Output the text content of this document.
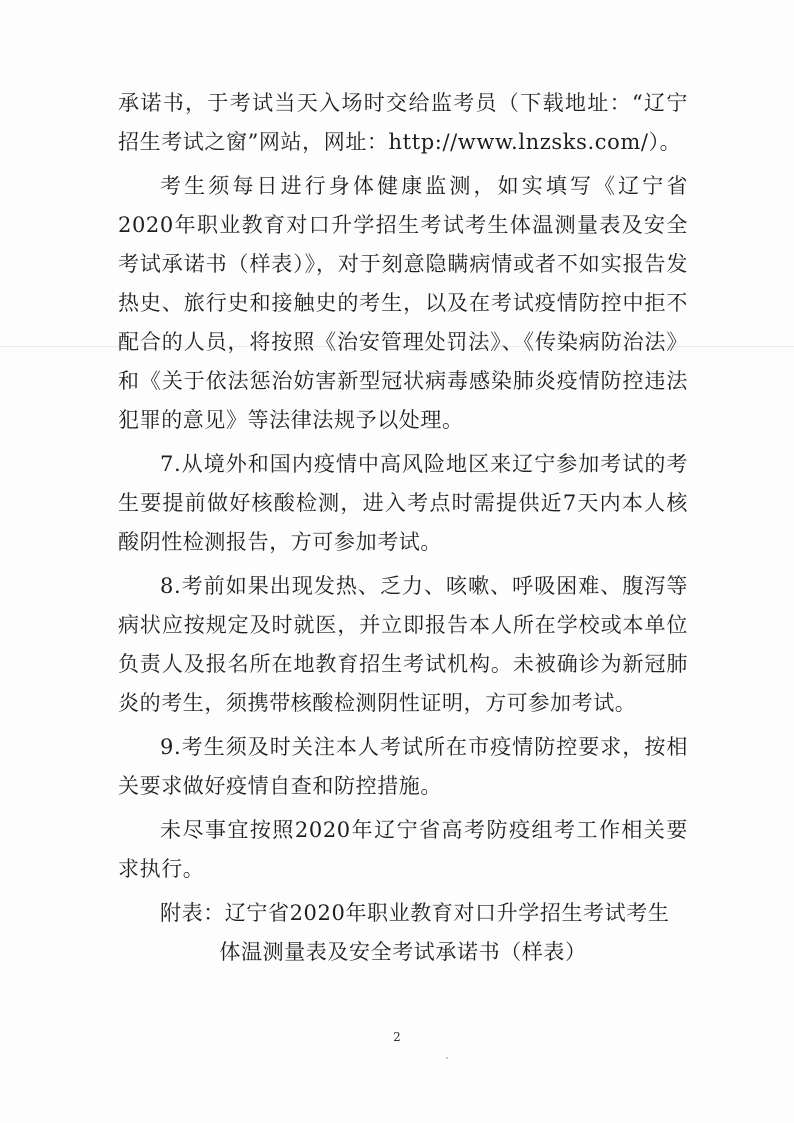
承诺书，于考试当天入场时交给监考员（下载地址：“辽宁招生考试之窗”网站，网址：http://www.lnzsks.com/）。

考生须每日进行身体健康监测，如实填写《辽宁省2020年职业教育对口升学招生考试考生体温测量表及安全考试承诺书（样表）》，对于刻意隐瞒病情或者不如实报告发热史、旅行史和接触史的考生，以及在考试疫情防控中拒不配合的人员，将按照《治安管理处罚法》、《传染病防治法》和《关于依法惩治妨害新型冠状病毒感染肺炎疫情防控违法犯罪的意见》等法律法规予以处理。

7.从境外和国内疫情中高风险地区来辽宁参加考试的考生要提前做好核酸检测，进入考点时需提供近7天内本人核酸阴性检测报告，方可参加考试。

8.考前如果出现发热、乏力、咳嗽、呼吸困难、腹泻等病状应按规定及时就医，并立即报告本人所在学校或本单位负责人及报名所在地教育招生考试机构。未被确诊为新冠肺炎的考生，须携带核酸检测阴性证明，方可参加考试。

9.考生须及时关注本人考试所在市疫情防控要求，按相关要求做好疫情自查和防控措施。

未尽事宜按照2020年辽宁省高考防疫组考工作相关要求执行。

附表：辽宁省2020年职业教育对口升学招生考试考生

体温测量表及安全考试承诺书（样表）

2
